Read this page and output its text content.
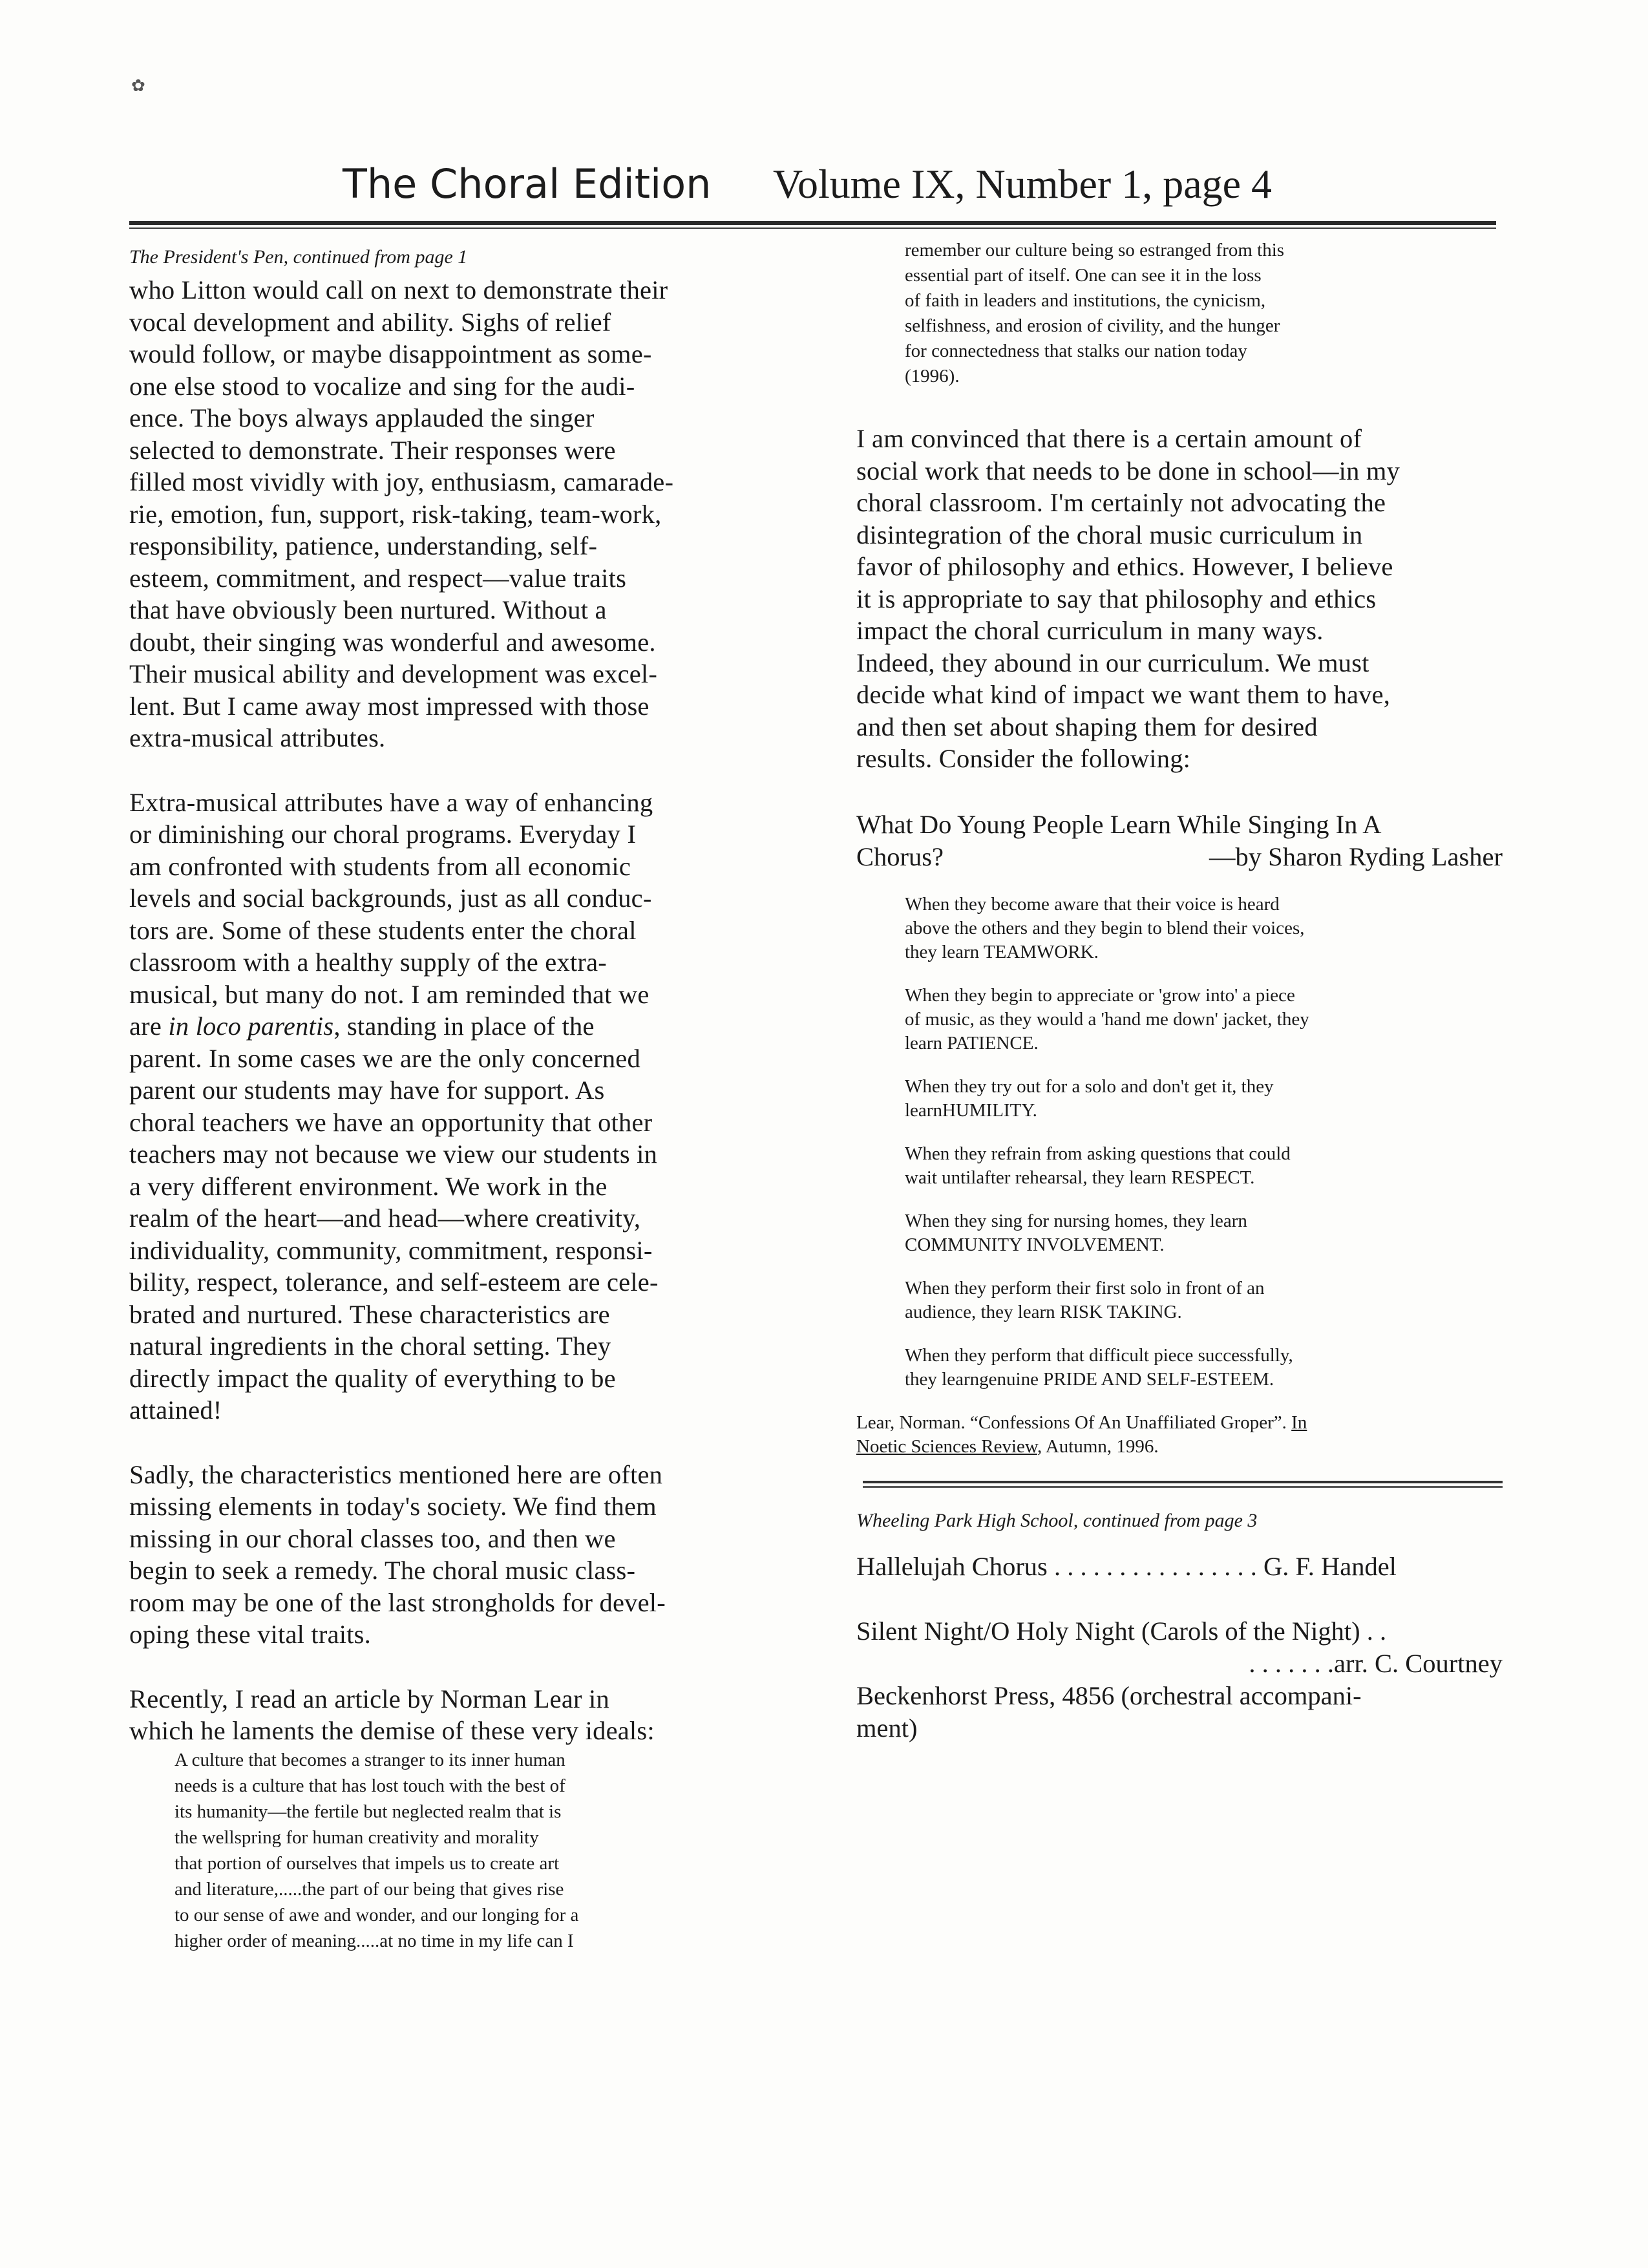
✿
The Choral Edition Volume IX, Number 1, page 4

The President's Pen, continued from page 1

who Litton would call on next to demonstrate their
vocal development and ability. Sighs of relief
would follow, or maybe disappointment as some-
one else stood to vocalize and sing for the audi-
ence. The boys always applauded the singer
selected to demonstrate. Their responses were
filled most vividly with joy, enthusiasm, camarade-
rie, emotion, fun, support, risk-taking, team-work,
responsibility, patience, understanding, self-
esteem, commitment, and respect—value traits
that have obviously been nurtured. Without a
doubt, their singing was wonderful and awesome.
Their musical ability and development was excel-
lent. But I came away most impressed with those
extra-musical attributes.

Extra-musical attributes have a way of enhancing
or diminishing our choral programs. Everyday I
am confronted with students from all economic
levels and social backgrounds, just as all conduc-
tors are. Some of these students enter the choral
classroom with a healthy supply of the extra-
musical, but many do not. I am reminded that we
are in loco parentis, standing in place of the
parent. In some cases we are the only concerned
parent our students may have for support. As
choral teachers we have an opportunity that other
teachers may not because we view our students in
a very different environment. We work in the
realm of the heart—and head—where creativity,
individuality, community, commitment, responsi-
bility, respect, tolerance, and self-esteem are cele-
brated and nurtured. These characteristics are
natural ingredients in the choral setting. They
directly impact the quality of everything to be
attained!

Sadly, the characteristics mentioned here are often
missing elements in today's society. We find them
missing in our choral classes too, and then we
begin to seek a remedy. The choral music class-
room may be one of the last strongholds for devel-
oping these vital traits.

Recently, I read an article by Norman Lear in
which he laments the demise of these very ideals:

A culture that becomes a stranger to its inner human
needs is a culture that has lost touch with the best of
its humanity—the fertile but neglected realm that is
the wellspring for human creativity and morality
that portion of ourselves that impels us to create art
and literature,.....the part of our being that gives rise
to our sense of awe and wonder, and our longing for a
higher order of meaning.....at no time in my life can I

remember our culture being so estranged from this
essential part of itself. One can see it in the loss
of faith in leaders and institutions, the cynicism,
selfishness, and erosion of civility, and the hunger
for connectedness that stalks our nation today
(1996).

I am convinced that there is a certain amount of
social work that needs to be done in school—in my
choral classroom. I'm certainly not advocating the
disintegration of the choral music curriculum in
favor of philosophy and ethics. However, I believe
it is appropriate to say that philosophy and ethics
impact the choral curriculum in many ways.
Indeed, they abound in our curriculum. We must
decide what kind of impact we want them to have,
and then set about shaping them for desired
results. Consider the following:

What Do Young People Learn While Singing In A

Chorus?	—by Sharon Ryding Lasher

When they become aware that their voice is heard
above the others and they begin to blend their voices,
they learn TEAMWORK.

When they begin to appreciate or 'grow into' a piece
of music, as they would a 'hand me down' jacket, they
learn PATIENCE.

When they try out for a solo and don't get it, they
learnHUMILITY.

When they refrain from asking questions that could
wait untilafter rehearsal, they learn RESPECT.

When they sing for nursing homes, they learn
COMMUNITY INVOLVEMENT.

When they perform their first solo in front of an
audience, they learn RISK TAKING.

When they perform that difficult piece successfully,
they learngenuine PRIDE AND SELF-ESTEEM.

Lear, Norman. “Confessions Of An Unaffiliated Groper”. In
Noetic Sciences Review, Autumn, 1996.

Wheeling Park High School, continued from page 3

Hallelujah Chorus . . . . . . . . . . . . . . . . G. F. Handel

Silent Night/O Holy Night (Carols of the Night) . .

. . . . . . .arr. C. Courtney

Beckenhorst Press, 4856 (orchestral accompani-
ment)
